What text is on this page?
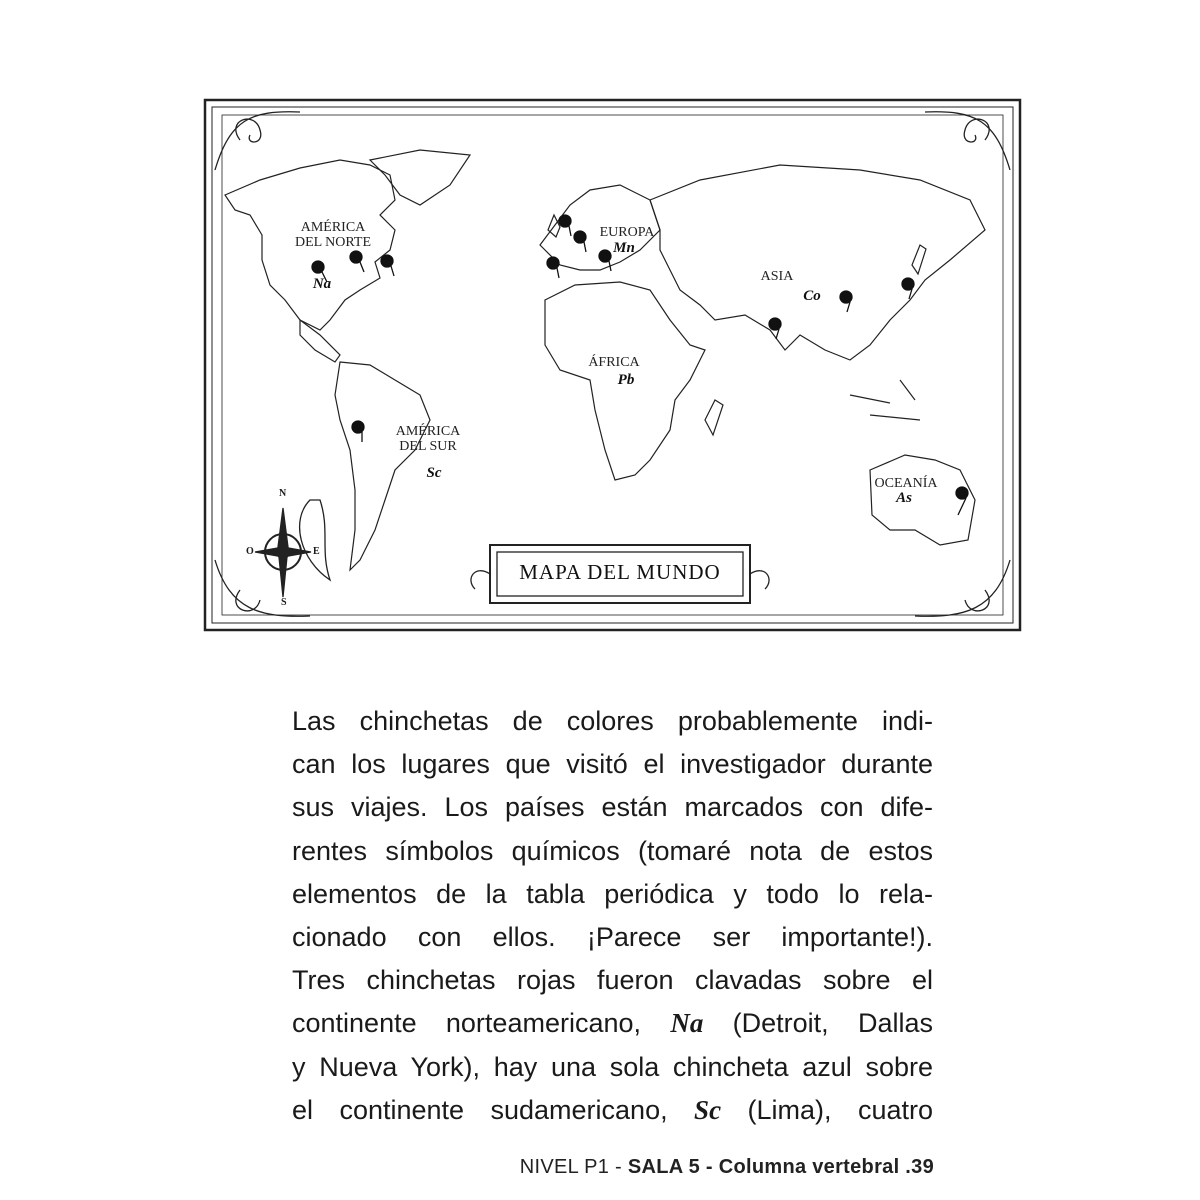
N
S
E
O
AMÉRICA
DEL NORTE
Na
EUROPA
Mn
ASIA
Co
ÁFRICA
Pb
AMÉRICA
DEL SUR
Sc
OCEANÍA
As
MAPA DEL MUNDO
Las chinchetas de colores probablemente indi-
can los lugares que visitó el investigador durante
sus viajes. Los países están marcados con dife-
rentes símbolos químicos (tomaré nota de estos
elementos de la tabla periódica y todo lo rela-
cionado con ellos. ¡Parece ser importante!).
Tres chinchetas rojas fueron clavadas sobre el
continente norteamericano, Na (Detroit, Dallas
y Nueva York), hay una sola chincheta azul sobre
el continente sudamericano, Sc (Lima), cuatro
NIVEL P1 - SALA 5 - Columna vertebral .39
